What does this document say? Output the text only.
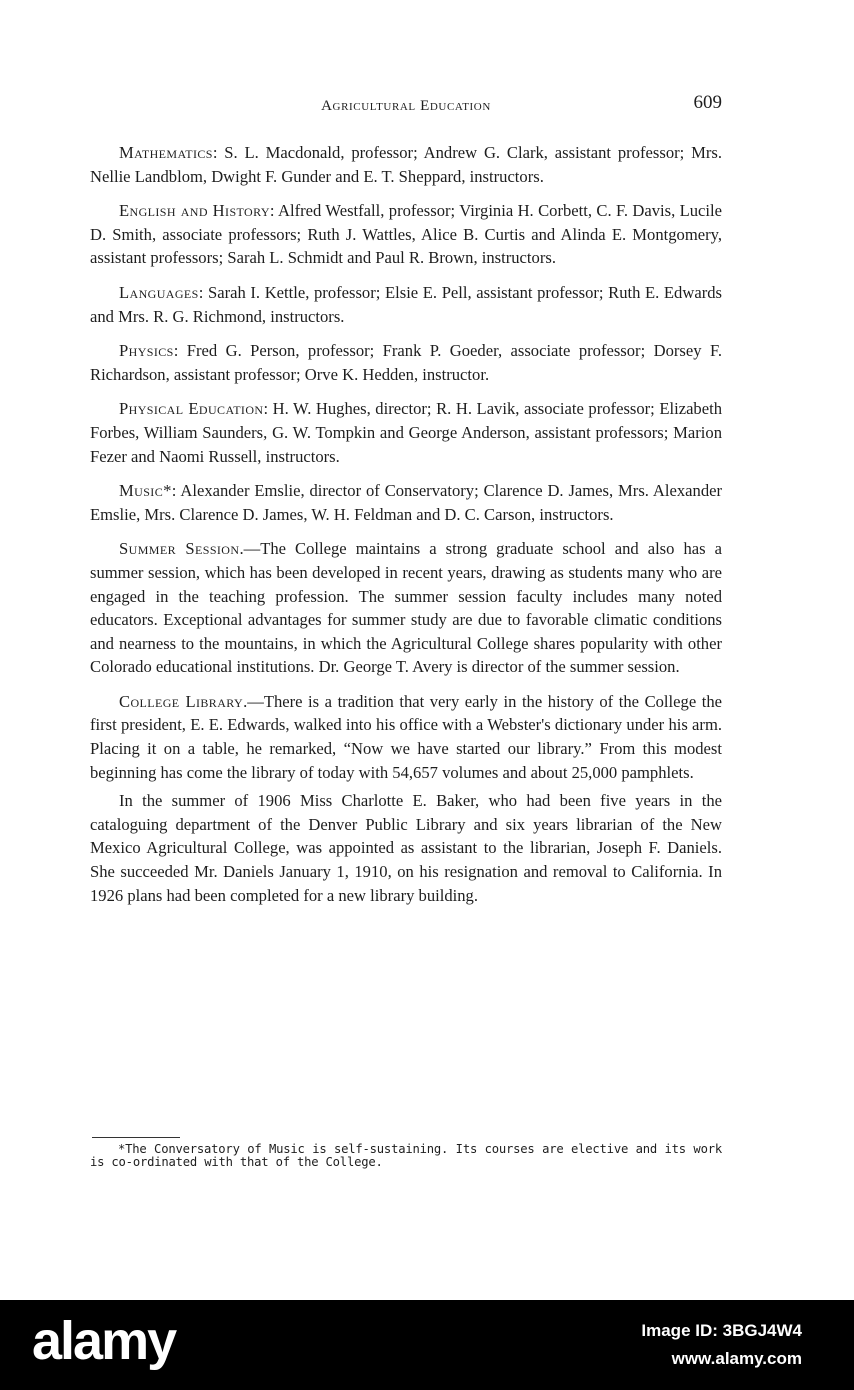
Agricultural Education	609

Mathematics: S. L. Macdonald, professor; Andrew G. Clark, assistant professor; Mrs. Nellie Landblom, Dwight F. Gunder and E. T. Sheppard, instructors.

English and History: Alfred Westfall, professor; Virginia H. Corbett, C. F. Davis, Lucile D. Smith, associate professors; Ruth J. Wattles, Alice B. Curtis and Alinda E. Montgomery, assistant professors; Sarah L. Schmidt and Paul R. Brown, instructors.

Languages: Sarah I. Kettle, professor; Elsie E. Pell, assistant professor; Ruth E. Edwards and Mrs. R. G. Richmond, instructors.

Physics: Fred G. Person, professor; Frank P. Goeder, associate professor; Dorsey F. Richardson, assistant professor; Orve K. Hedden, instructor.

Physical Education: H. W. Hughes, director; R. H. Lavik, associate professor; Elizabeth Forbes, William Saunders, G. W. Tompkin and George Anderson, assistant professors; Marion Fezer and Naomi Russell, instructors.

Music*: Alexander Emslie, director of Conservatory; Clarence D. James, Mrs. Alexander Emslie, Mrs. Clarence D. James, W. H. Feldman and D. C. Carson, instructors.

Summer Session.—The College maintains a strong graduate school and also has a summer session, which has been developed in recent years, drawing as students many who are engaged in the teaching profession. The summer session faculty includes many noted educators. Exceptional advantages for summer study are due to favorable climatic conditions and nearness to the mountains, in which the Agricultural College shares popularity with other Colorado educational institutions. Dr. George T. Avery is director of the summer session.

College Library.—There is a tradition that very early in the history of the College the first president, E. E. Edwards, walked into his office with a Webster's dictionary under his arm. Placing it on a table, he remarked, “Now we have started our library.” From this modest beginning has come the library of today with 54,657 volumes and about 25,000 pamphlets.

In the summer of 1906 Miss Charlotte E. Baker, who had been five years in the cataloguing department of the Denver Public Library and six years librarian of the New Mexico Agricultural College, was appointed as assistant to the librarian, Joseph F. Daniels. She succeeded Mr. Daniels January 1, 1910, on his resignation and removal to California. In 1926 plans had been completed for a new library building.

*The Conversatory of Music is self-sustaining. Its courses are elective and its work is co-ordinated with that of the College.
alamy	Image ID: 3BGJ4W4
www.alamy.com
